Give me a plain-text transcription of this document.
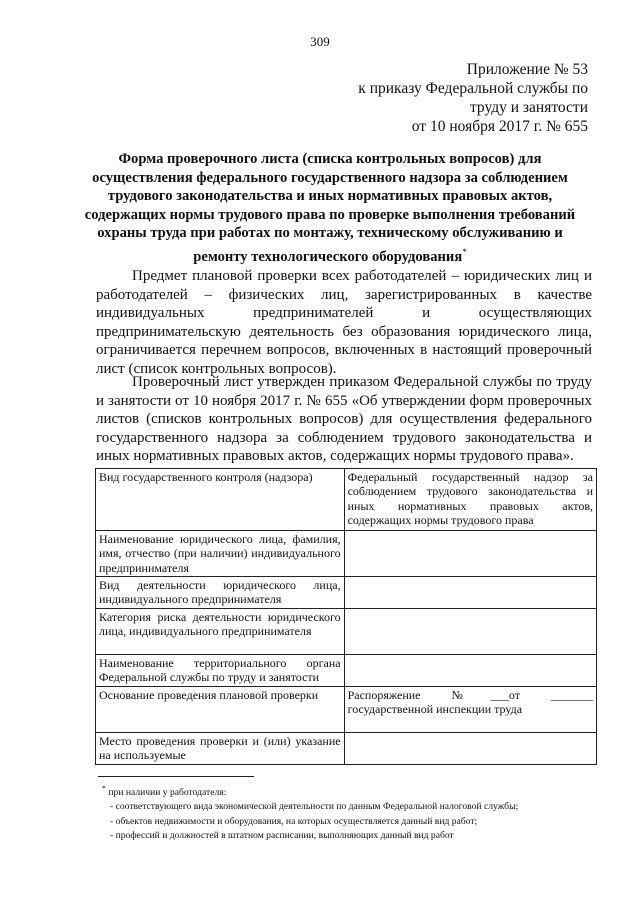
309
Приложение № 53
к приказу Федеральной службы по
труду и занятости
от 10 ноября 2017 г. № 655
Форма проверочного листа (списка контрольных вопросов) для осуществления федерального государственного надзора за соблюдением трудового законодательства и иных нормативных правовых актов, содержащих нормы трудового права по проверке выполнения требований охраны труда при работах по монтажу, техническому обслуживанию и ремонту технологического оборудования*

Предмет плановой проверки всех работодателей – юридических лиц и работодателей – физических лиц, зарегистрированных в качестве индивидуальных предпринимателей и осуществляющих предпринимательскую деятельность без образования юридического лица, ограничивается перечнем вопросов, включенных в настоящий проверочный лист (список контрольных вопросов).

Проверочный лист утвержден приказом Федеральной службы по труду и занятости от 10 ноября 2017 г. № 655 «Об утверждении форм проверочных листов (списков контрольных вопросов) для осуществления федерального государственного надзора за соблюдением трудового законодательства и иных нормативных правовых актов, содержащих нормы трудового права».

Вид государственного контроля (надзора)	Федеральный государственный надзор за соблюдением трудового законодательства и иных нормативных правовых актов, содержащих нормы трудового права
Наименование юридического лица, фамилия, имя, отчество (при наличии) индивидуального предпринимателя	
Вид деятельности юридического лица, индивидуального предпринимателя	
Категория риска деятельности юридического лица, индивидуального предпринимателя	
Наименование территориального органа Федеральной службы по труду и занятости	
Основание проведения плановой проверки	Распоряжение №___от _______ государственной инспекции труда
Место проведения проверки и (или) указание на используемые	
* при наличии у работодателя:
- соответствующего вида экономической деятельности по данным Федеральной налоговой службы;
- объектов недвижимости и оборудования, на которых осуществляется данный вид работ;
- профессий и должностей в штатном расписании, выполняющих данный вид работ
